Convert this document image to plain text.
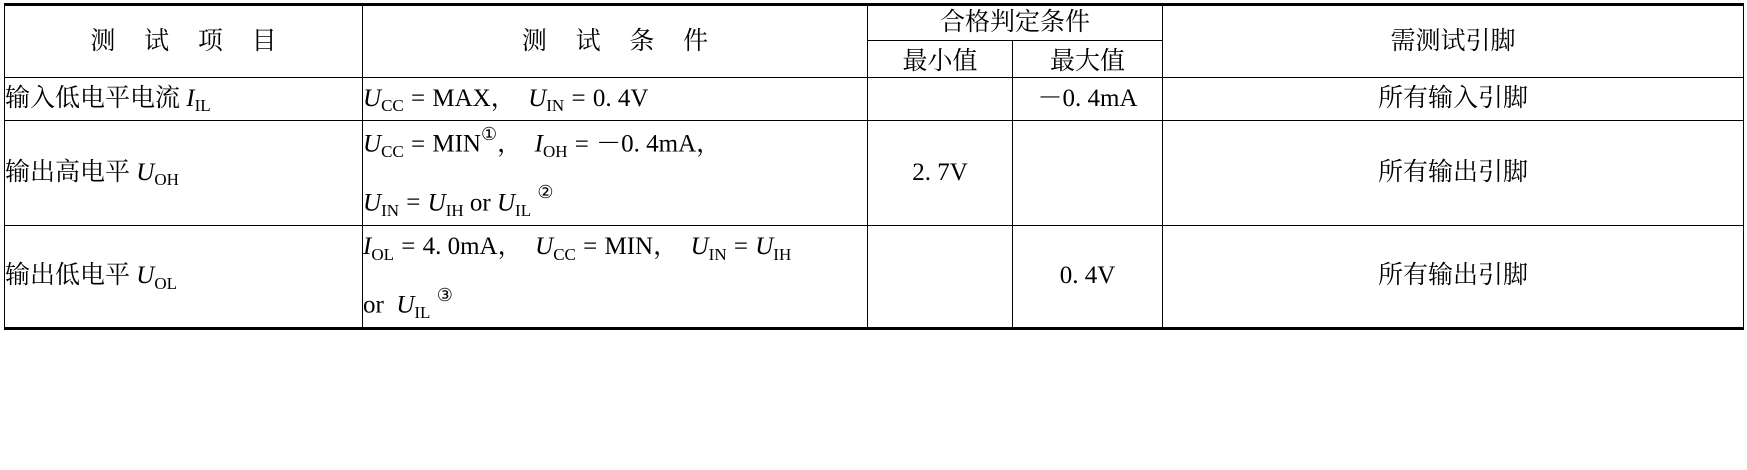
测 试 项 目	测 试 条 件	合格判定条件		需测试引脚
		最小值	最大值	
输入低电平电流 $I_{IL}$	$U_{CC}$ = MAX，  $U_{IN} = 0$. 4V		－0. 4mA	所有输入引脚
输出高电平 $U_{OH}$	$U_{CC} = MIN^①$，  $I_{OH} = -0$. 4mA，
$U_{IN} = U_{IH}$ or $U_{IL}$ ②	2. 7V		所有输出引脚
输出低电平 $U_{OL}$	$I_{OL} = 4$. 0mA，  $U_{CC}$ = MIN，  $U_{IN} = U_{IH}$
or  $U_{IL}$ ③		0. 4V	所有输出引脚
